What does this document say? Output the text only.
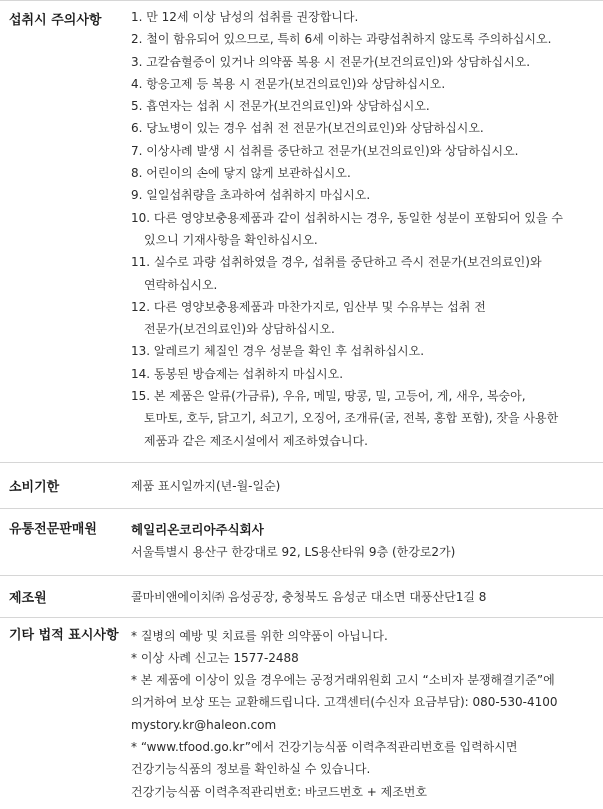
섭취시 주의사항	1. 만 12세 이상 남성의 섭취를 권장합니다.
2. 철이 함유되어 있으므로, 특히 6세 이하는 과량섭취하지 않도록 주의하십시오.
3. 고칼슘혈증이 있거나 의약품 복용 시 전문가(보건의료인)와 상담하십시오.
4. 항응고제 등 복용 시 전문가(보건의료인)와 상담하십시오.
5. 흡연자는 섭취 시 전문가(보건의료인)와 상담하십시오.
6. 당뇨병이 있는 경우 섭취 전 전문가(보건의료인)와 상담하십시오.
7. 이상사례 발생 시 섭취를 중단하고 전문가(보건의료인)와 상담하십시오.
8. 어린이의 손에 닿지 않게 보관하십시오.
9. 일일섭취량을 초과하여 섭취하지 마십시오.
10. 다른 영양보충용제품과 같이 섭취하시는 경우, 동일한 성분이 포함되어 있을 수
있으니 기재사항을 확인하십시오.
11. 실수로 과량 섭취하였을 경우, 섭취를 중단하고 즉시 전문가(보건의료인)와
연락하십시오.
12. 다른 영양보충용제품과 마찬가지로, 임산부 및 수유부는 섭취 전
전문가(보건의료인)와 상담하십시오.
13. 알레르기 체질인 경우 성분을 확인 후 섭취하십시오.
14. 동봉된 방습제는 섭취하지 마십시오.
15. 본 제품은 알류(가금류), 우유, 메밀, 땅콩, 밀, 고등어, 게, 새우, 복숭아,
토마토, 호두, 닭고기, 쇠고기, 오징어, 조개류(굴, 전복, 홍합 포함), 잣을 사용한
제품과 같은 제조시설에서 제조하였습니다.
소비기한	제품 표시일까지(년-월-일순)
유통전문판매원	헤일리온코리아주식회사
서울특별시 용산구 한강대로 92, LS용산타워 9층 (한강로2가)
제조원	콜마비앤에이치㈜ 음성공장, 충청북도 음성군 대소면 대풍산단1길 8
기타 법적 표시사항	* 질병의 예방 및 치료를 위한 의약품이 아닙니다.
* 이상 사례 신고는 1577-2488
* 본 제품에 이상이 있을 경우에는 공정거래위원회 고시 “소비자 분쟁해결기준”에
의거하여 보상 또는 교환해드립니다. 고객센터(수신자 요금부담): 080-530-4100
mystory.kr@haleon.com
* “www.tfood.go.kr”에서 건강기능식품 이력추적관리번호를 입력하시면
건강기능식품의 정보를 확인하실 수 있습니다.
건강기능식품 이력추적관리번호: 바코드번호 + 제조번호
